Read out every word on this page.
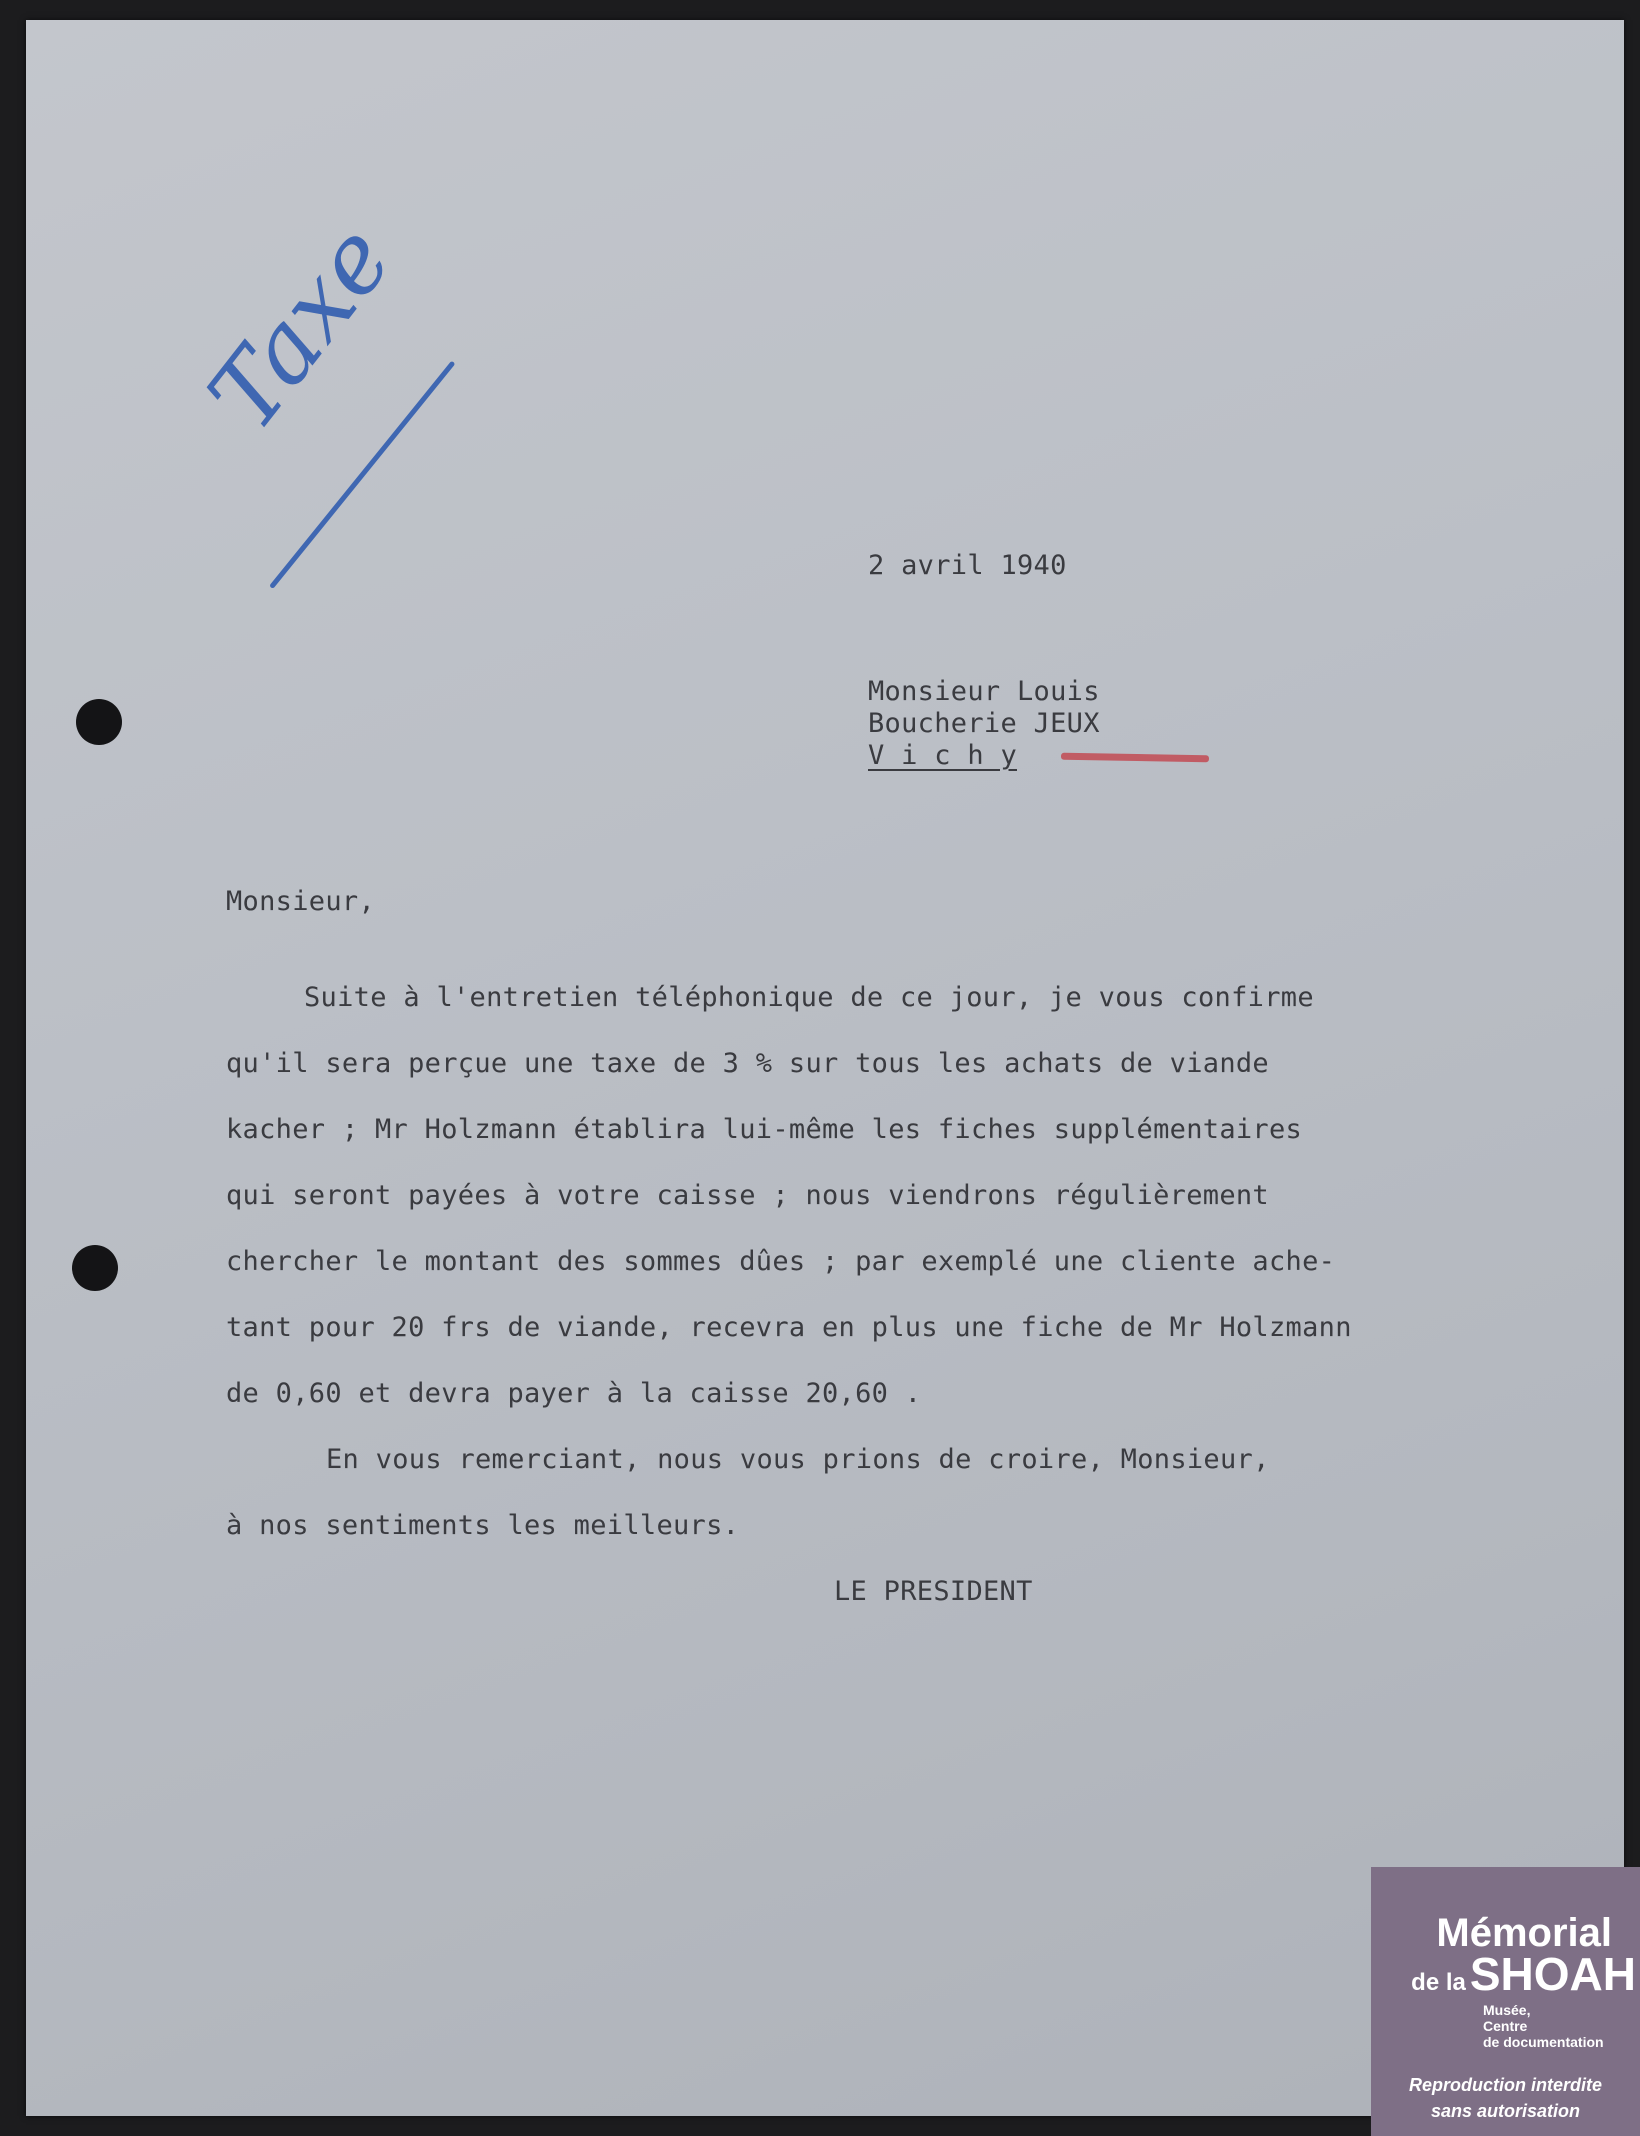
Taxe
2 avril 1940
Monsieur Louis
Boucherie JEUX
V i c h y
Monsieur,
Suite à l'entretien téléphonique de ce jour, je vous confirme
qu'il sera perçue une taxe de 3 % sur tous les achats de viande
kacher ; Mr Holzmann établira lui-même les fiches supplémentaires
qui seront payées à votre caisse ; nous viendrons régulièrement
chercher le montant des sommes dûes ; par exemplé une cliente ache-
tant pour 20 frs de viande, recevra en plus une fiche de Mr Holzmann
de 0,60 et devra payer à la caisse 20,60 .
En vous remerciant, nous vous prions de croire, Monsieur,
à nos sentiments les meilleurs.
LE PRESIDENT
Mémorial
de laSHOAH
Musée,
Centre
de documentation
Reproduction interdite
sans autorisation
